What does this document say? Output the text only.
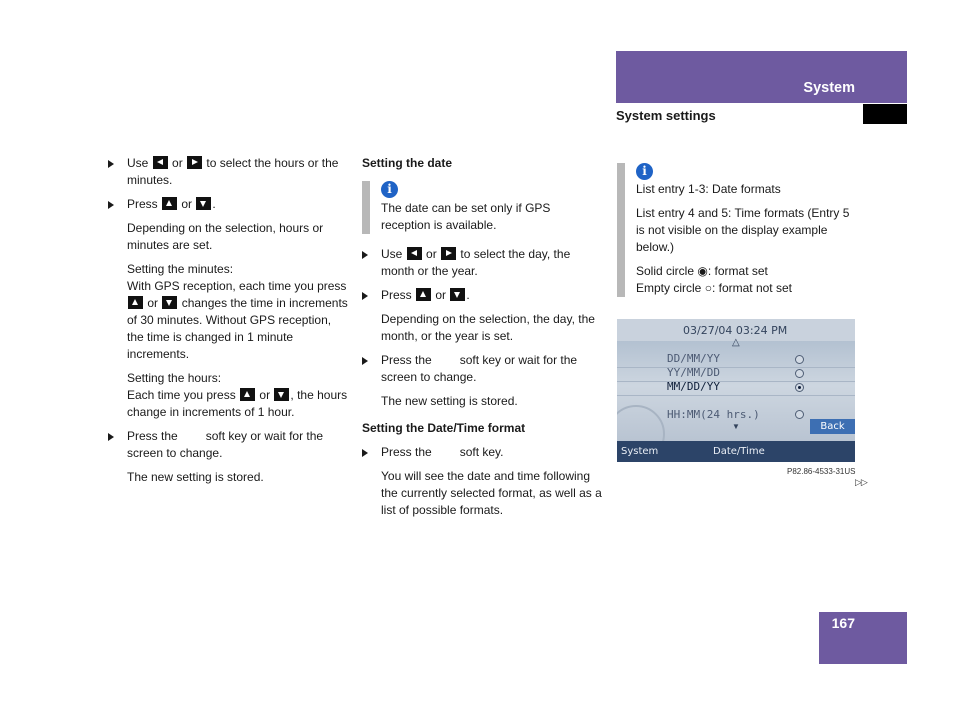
System
System settings
Use or to select the hours or the minutes.
Press or .
Depending on the selection, hours or minutes are set.
Setting the minutes:
With GPS reception, each time you press  or changes the time in increments of 30 minutes. Without GPS reception, the time is changed in 1 minute increments.
Setting the hours:
Each time you press or , the hours change in increments of 1 hour.
Press the soft key or wait for the screen to change.
The new setting is stored.
Setting the date
i
The date can be set only if GPS reception is available.
Use or to select the day, the month or the year.
Press or .
Depending on the selection, the day, the month, or the year is set.
Press the soft key or wait for the screen to change.
The new setting is stored.
Setting the Date/Time format
Press the soft key.
You will see the date and time following the currently selected format, as well as a list of possible formats.
i
List entry 1-3: Date formats
List entry 4 and 5: Time formats (Entry 5 is not visible on the display example below.)
Solid circle ◉: format set
Empty circle ○: format not set
03/27/04 03:24 PM
△
DD/MM/YY
YY/MM/DD
MM/DD/YY
HH:MM(24 hrs.)
▼	Back
System	Date/Time
P82.86-4533-31US
▷▷
167
